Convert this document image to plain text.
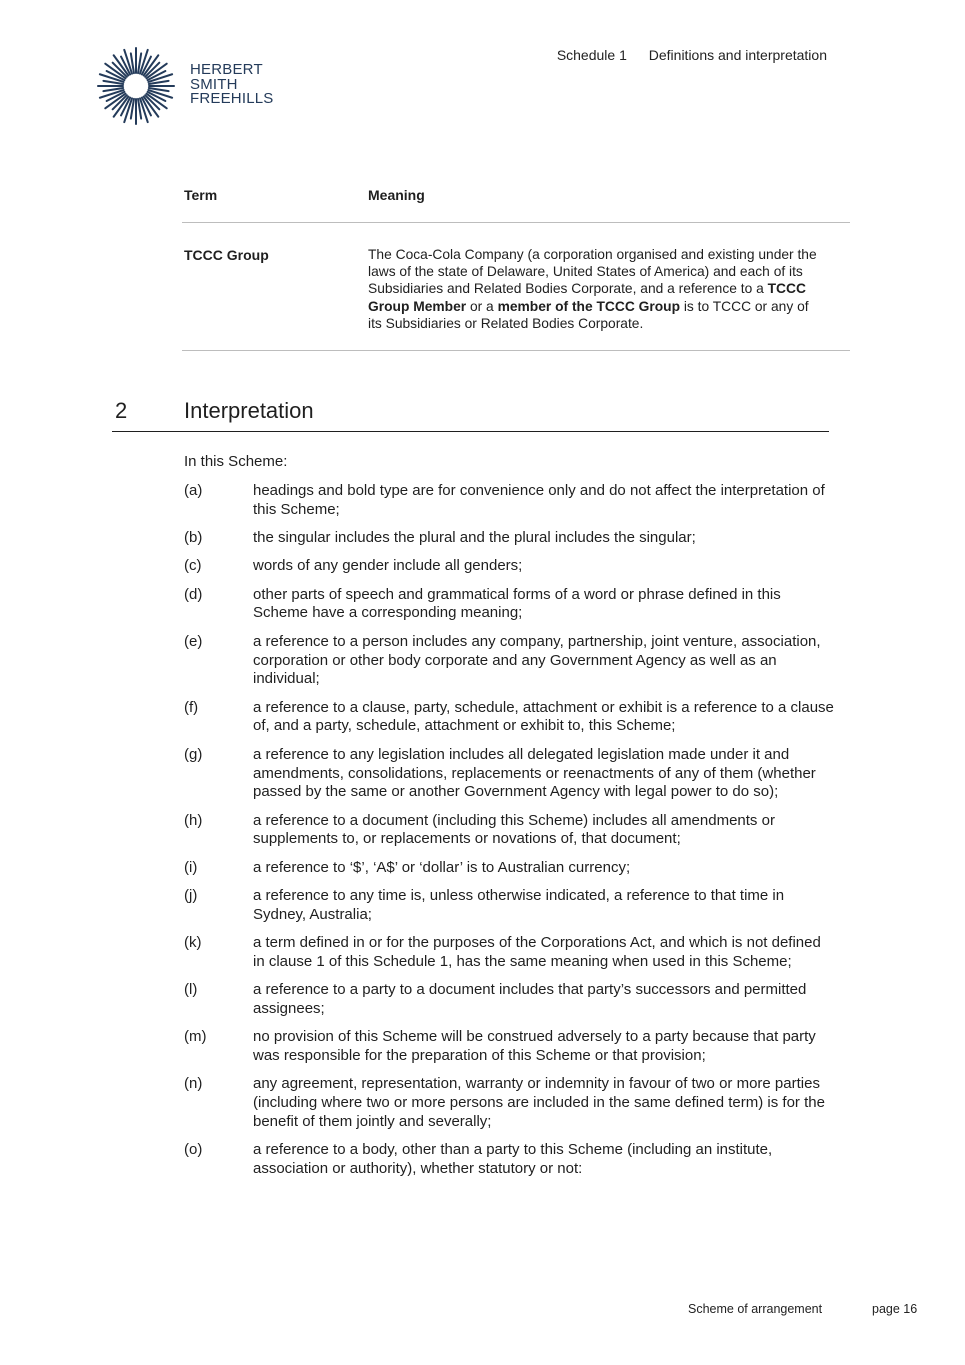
HERBERT
SMITH
FREEHILLS
Schedule 1 Definitions and interpretation
Term	Meaning
TCCC Group	The Coca-Cola Company (a corporation organised and existing under the laws of the state of Delaware, United States of America) and each of its Subsidiaries and Related Bodies Corporate, and a reference to a TCCC Group Member or a member of the TCCC Group is to TCCC or any of its Subsidiaries or Related Bodies Corporate.
2	Interpretation
In this Scheme:
(a)	headings and bold type are for convenience only and do not affect the interpretation of this Scheme;
(b)	the singular includes the plural and the plural includes the singular;
(c)	words of any gender include all genders;
(d)	other parts of speech and grammatical forms of a word or phrase defined in this Scheme have a corresponding meaning;
(e)	a reference to a person includes any company, partnership, joint venture, association, corporation or other body corporate and any Government Agency as well as an individual;
(f)	a reference to a clause, party, schedule, attachment or exhibit is a reference to a clause of, and a party, schedule, attachment or exhibit to, this Scheme;
(g)	a reference to any legislation includes all delegated legislation made under it and amendments, consolidations, replacements or reenactments of any of them (whether passed by the same or another Government Agency with legal power to do so);
(h)	a reference to a document (including this Scheme) includes all amendments or supplements to, or replacements or novations of, that document;
(i)	a reference to ‘$’, ‘A$’ or ‘dollar’ is to Australian currency;
(j)	a reference to any time is, unless otherwise indicated, a reference to that time in Sydney, Australia;
(k)	a term defined in or for the purposes of the Corporations Act, and which is not defined in clause 1 of this Schedule 1, has the same meaning when used in this Scheme;
(l)	a reference to a party to a document includes that party’s successors and permitted assignees;
(m)	no provision of this Scheme will be construed adversely to a party because that party was responsible for the preparation of this Scheme or that provision;
(n)	any agreement, representation, warranty or indemnity in favour of two or more parties (including where two or more persons are included in the same defined term) is for the benefit of them jointly and severally;
(o)	a reference to a body, other than a party to this Scheme (including an institute, association or authority), whether statutory or not:
Scheme of arrangement	page 16
